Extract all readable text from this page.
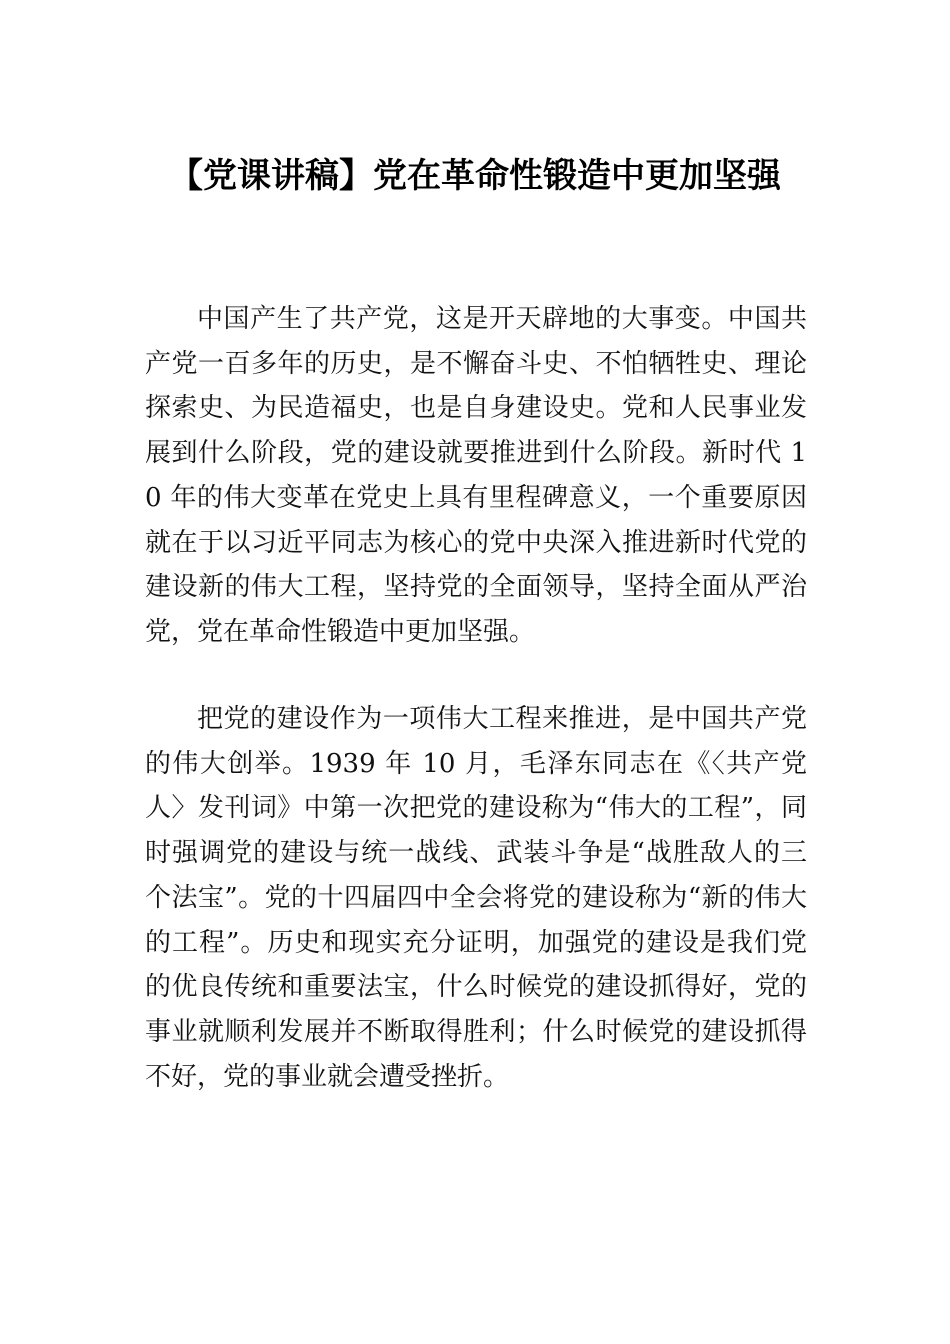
【党课讲稿】党在革命性锻造中更加坚强

中国产生了共产党，这是开天辟地的大事变。中国共产党一百多年的历史，是不懈奋斗史、不怕牺牲史、理论探索史、为民造福史，也是自身建设史。党和人民事业发展到什么阶段，党的建设就要推进到什么阶段。新时代 10 年的伟大变革在党史上具有里程碑意义，一个重要原因就在于以习近平同志为核心的党中央深入推进新时代党的建设新的伟大工程，坚持党的全面领导，坚持全面从严治党，党在革命性锻造中更加坚强。

把党的建设作为一项伟大工程来推进，是中国共产党的伟大创举。1939 年 10 月，毛泽东同志在《〈共产党人〉发刊词》中第一次把党的建设称为“伟大的工程”，同时强调党的建设与统一战线、武装斗争是“战胜敌人的三个法宝”。党的十四届四中全会将党的建设称为“新的伟大的工程”。历史和现实充分证明，加强党的建设是我们党的优良传统和重要法宝，什么时候党的建设抓得好，党的事业就顺利发展并不断取得胜利；什么时候党的建设抓得不好，党的事业就会遭受挫折。
